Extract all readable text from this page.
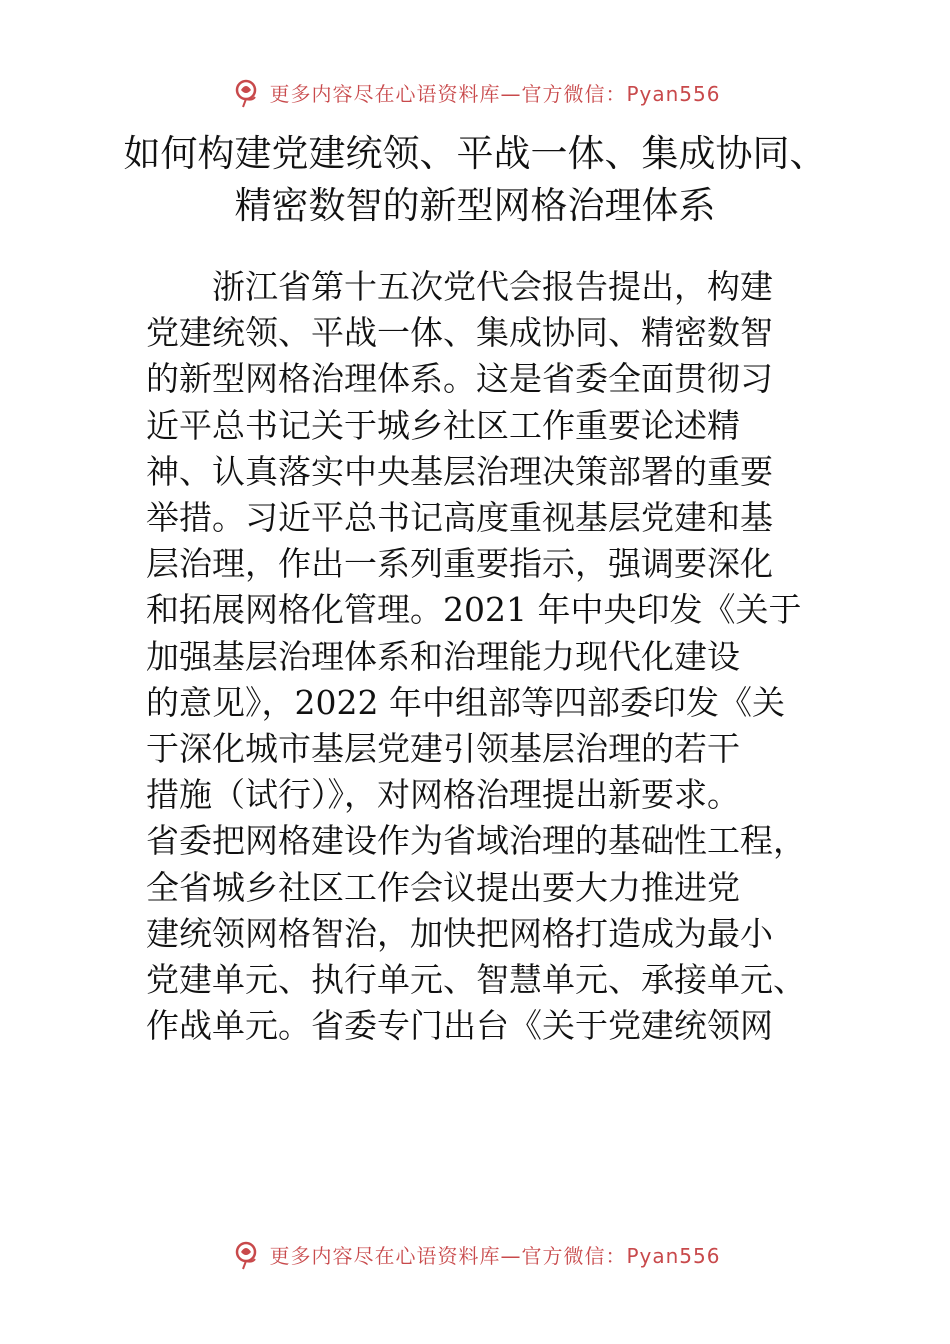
更多内容尽在心语资料库—官方微信：Pyan556
如何构建党建统领、平战一体、集成协同、
精密数智的新型网格治理体系

　　浙江省第十五次党代会报告提出，构建
党建统领、平战一体、集成协同、精密数智
的新型网格治理体系。这是省委全面贯彻习
近平总书记关于城乡社区工作重要论述精
神、认真落实中央基层治理决策部署的重要
举措。习近平总书记高度重视基层党建和基
层治理，作出一系列重要指示，强调要深化
和拓展网格化管理。2021 年中央印发《关于
加强基层治理体系和治理能力现代化建设
的意见》，2022 年中组部等四部委印发《关
于深化城市基层党建引领基层治理的若干
措施（试行）》，对网格治理提出新要求。
省委把网格建设作为省域治理的基础性工程，
全省城乡社区工作会议提出要大力推进党
建统领网格智治，加快把网格打造成为最小
党建单元、执行单元、智慧单元、承接单元、
作战单元。省委专门出台《关于党建统领网

更多内容尽在心语资料库—官方微信：Pyan556
